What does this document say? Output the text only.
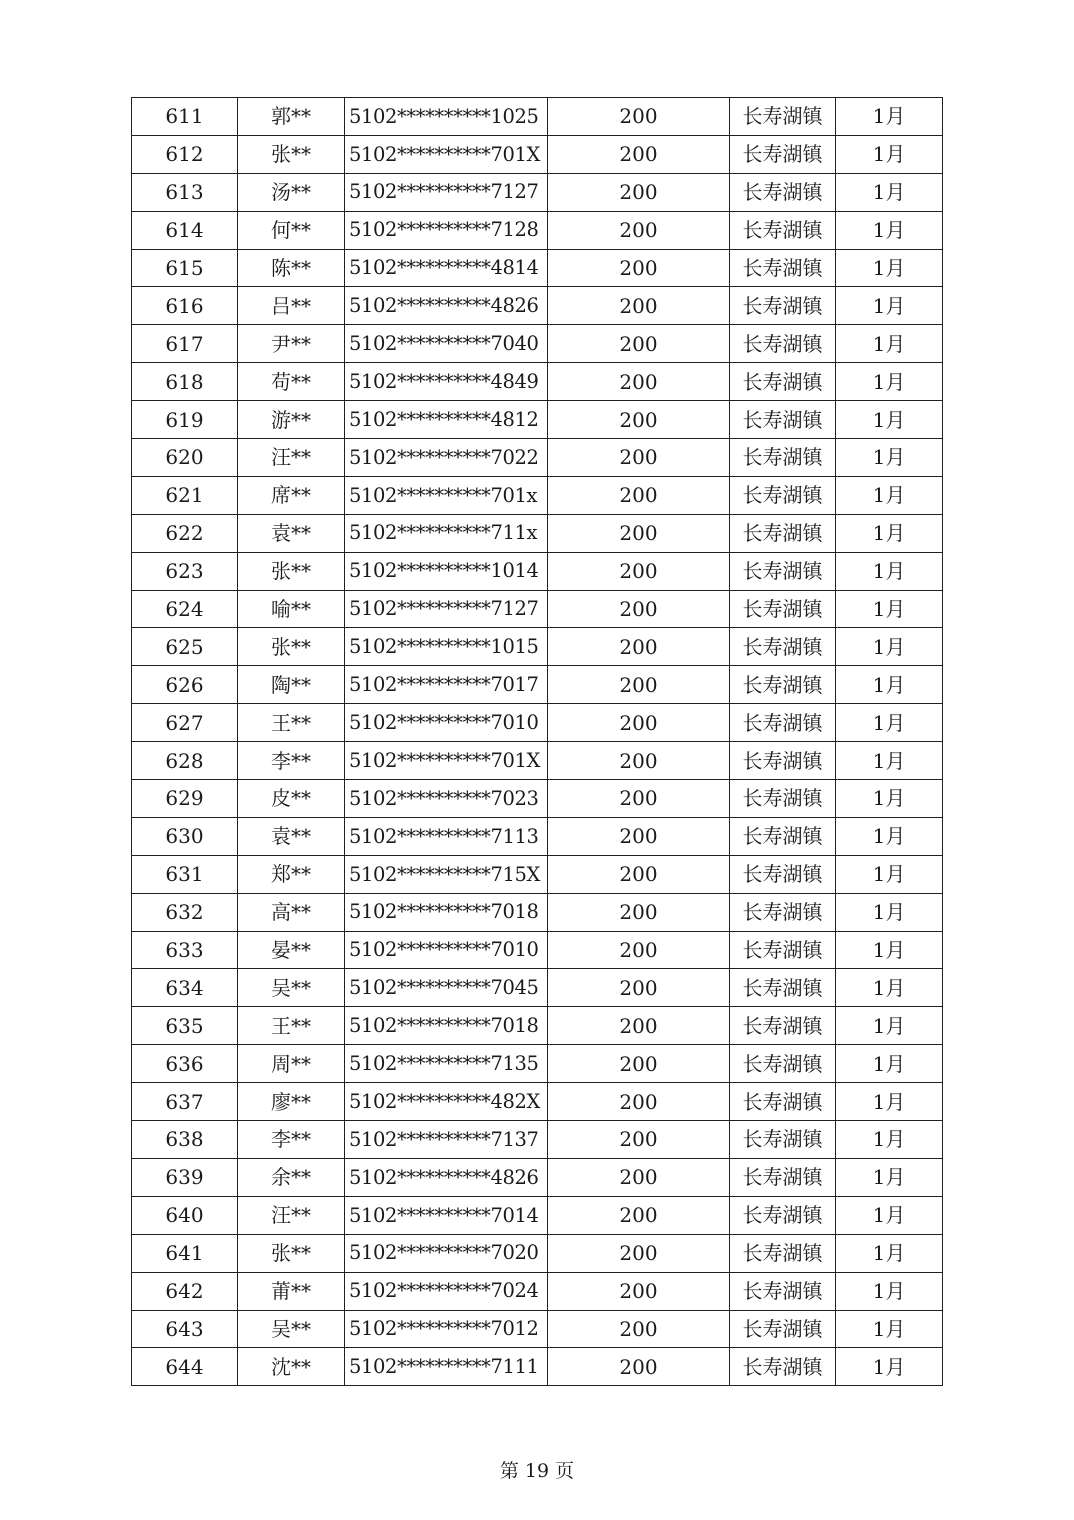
611	郭**	5102**********1025	200	长寿湖镇	1月
612	张**	5102**********701X	200	长寿湖镇	1月
613	汤**	5102**********7127	200	长寿湖镇	1月
614	何**	5102**********7128	200	长寿湖镇	1月
615	陈**	5102**********4814	200	长寿湖镇	1月
616	吕**	5102**********4826	200	长寿湖镇	1月
617	尹**	5102**********7040	200	长寿湖镇	1月
618	苟**	5102**********4849	200	长寿湖镇	1月
619	游**	5102**********4812	200	长寿湖镇	1月
620	汪**	5102**********7022	200	长寿湖镇	1月
621	席**	5102**********701x	200	长寿湖镇	1月
622	袁**	5102**********711x	200	长寿湖镇	1月
623	张**	5102**********1014	200	长寿湖镇	1月
624	喻**	5102**********7127	200	长寿湖镇	1月
625	张**	5102**********1015	200	长寿湖镇	1月
626	陶**	5102**********7017	200	长寿湖镇	1月
627	王**	5102**********7010	200	长寿湖镇	1月
628	李**	5102**********701X	200	长寿湖镇	1月
629	皮**	5102**********7023	200	长寿湖镇	1月
630	袁**	5102**********7113	200	长寿湖镇	1月
631	郑**	5102**********715X	200	长寿湖镇	1月
632	高**	5102**********7018	200	长寿湖镇	1月
633	晏**	5102**********7010	200	长寿湖镇	1月
634	吴**	5102**********7045	200	长寿湖镇	1月
635	王**	5102**********7018	200	长寿湖镇	1月
636	周**	5102**********7135	200	长寿湖镇	1月
637	廖**	5102**********482X	200	长寿湖镇	1月
638	李**	5102**********7137	200	长寿湖镇	1月
639	余**	5102**********4826	200	长寿湖镇	1月
640	汪**	5102**********7014	200	长寿湖镇	1月
641	张**	5102**********7020	200	长寿湖镇	1月
642	莆**	5102**********7024	200	长寿湖镇	1月
643	吴**	5102**********7012	200	长寿湖镇	1月
644	沈**	5102**********7111	200	长寿湖镇	1月
第 19 页
